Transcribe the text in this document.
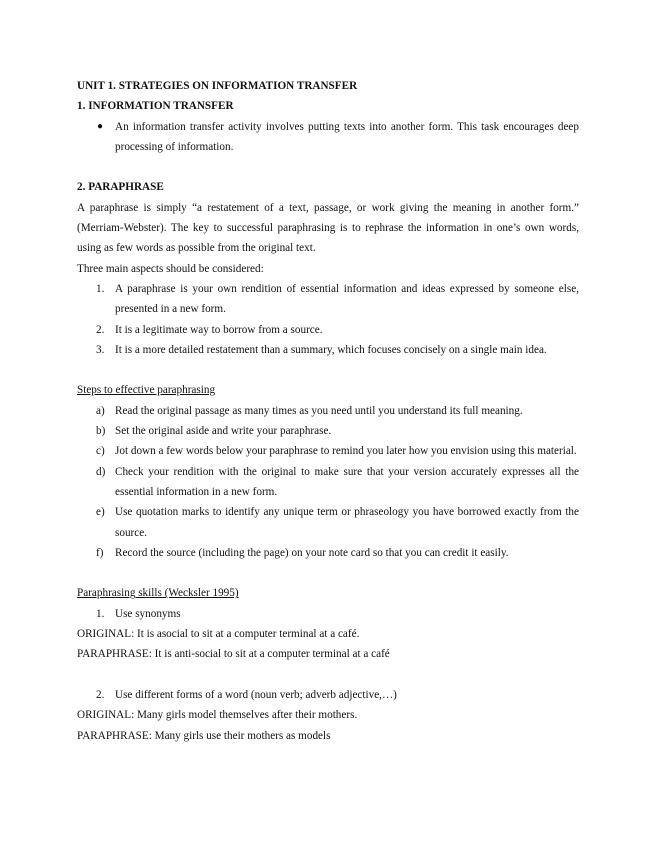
UNIT 1. STRATEGIES ON INFORMATION TRANSFER

1. INFORMATION TRANSFER

● An information transfer activity involves putting texts into another form. This task encourages deep processing of information.

2. PARAPHRASE

A paraphrase is simply “a restatement of a text, passage, or work giving the meaning in another form.” (Merriam-Webster). The key to successful paraphrasing is to rephrase the information in one’s own words, using as few words as possible from the original text.

Three main aspects should be considered:

1. A paraphrase is your own rendition of essential information and ideas expressed by someone else, presented in a new form.
2. It is a legitimate way to borrow from a source.
3. It is a more detailed restatement than a summary, which focuses concisely on a single main idea.

Steps to effective paraphrasing

a) Read the original passage as many times as you need until you understand its full meaning.
b) Set the original aside and write your paraphrase.
c) Jot down a few words below your paraphrase to remind you later how you envision using this material.
d) Check your rendition with the original to make sure that your version accurately expresses all the essential information in a new form.
e) Use quotation marks to identify any unique term or phraseology you have borrowed exactly from the source.
f) Record the source (including the page) on your note card so that you can credit it easily.

Paraphrasing skills (Wecksler 1995)

1. Use synonyms

ORIGINAL: It is asocial to sit at a computer terminal at a café.

PARAPHRASE: It is anti-social to sit at a computer terminal at a café

2. Use different forms of a word (noun verb; adverb adjective,…)

ORIGINAL: Many girls model themselves after their mothers.

PARAPHRASE: Many girls use their mothers as models
